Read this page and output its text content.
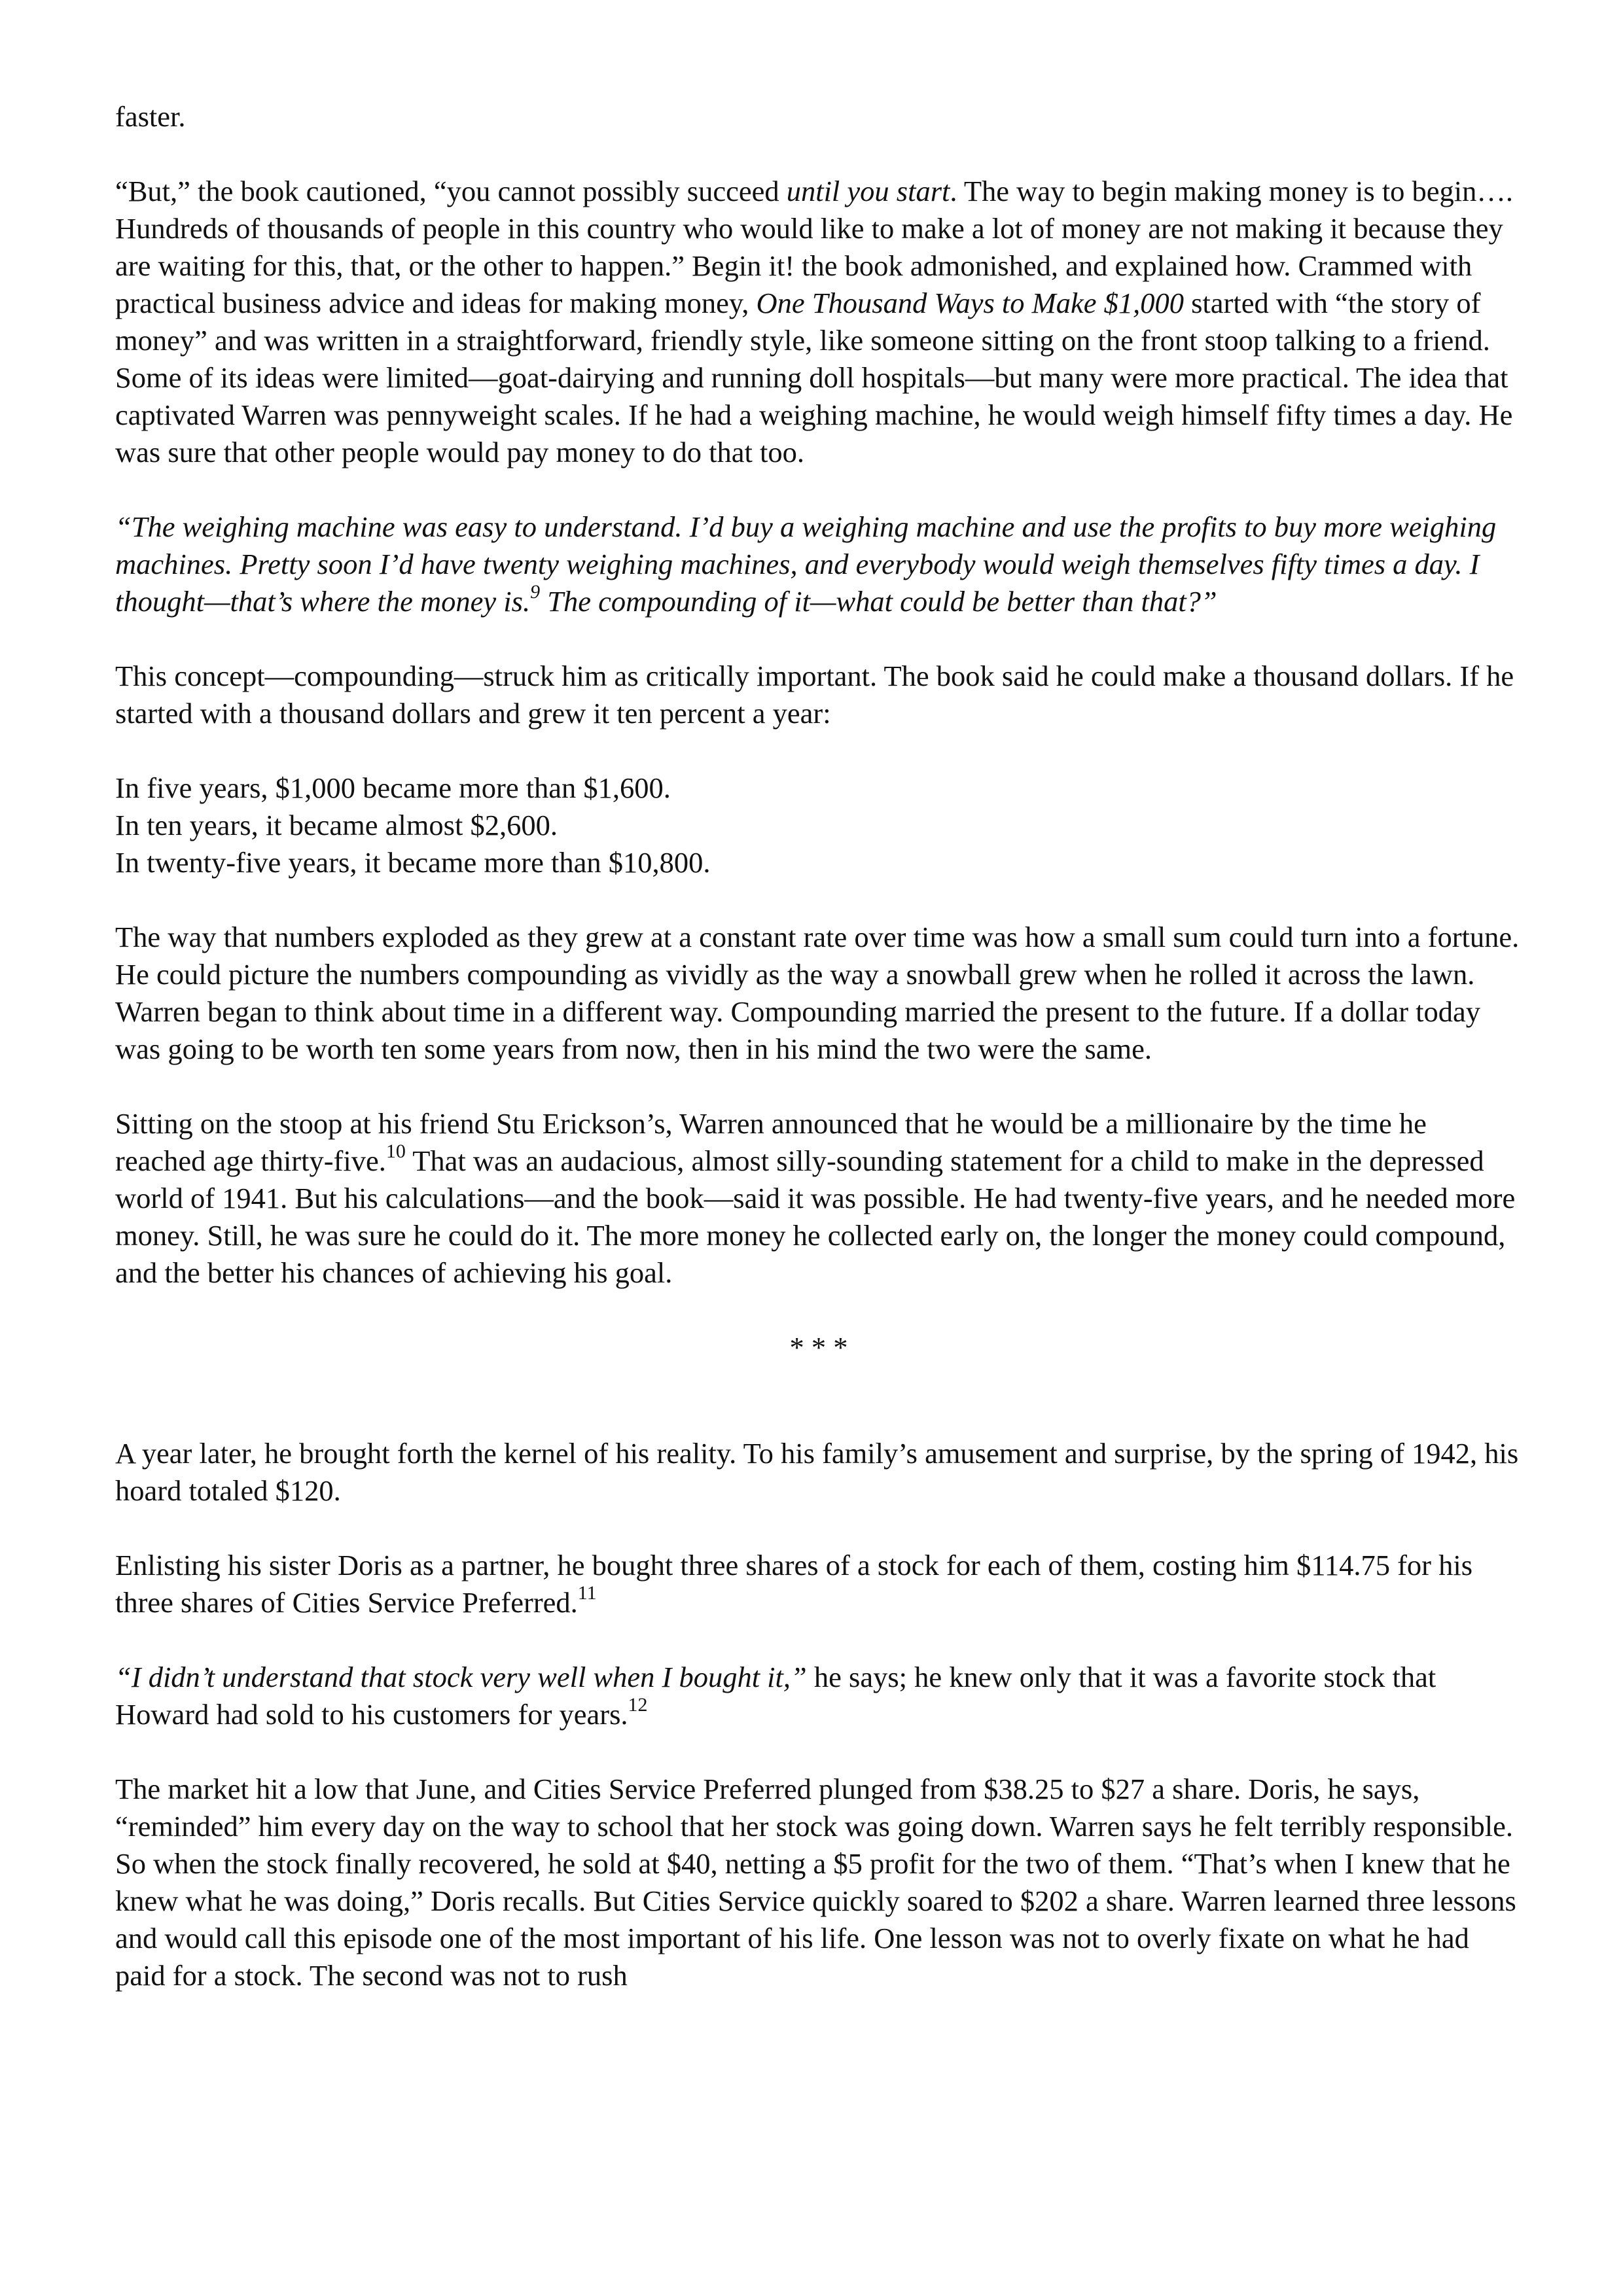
faster.

“But,” the book cautioned, “you cannot possibly succeed until you start. The way to begin making money is to begin…. Hundreds of thousands of people in this country who would like to make a lot of money are not making it because they are waiting for this, that, or the other to happen.” Begin it! the book admonished, and explained how. Crammed with practical business advice and ideas for making money, One Thousand Ways to Make $1,000 started with “the story of money” and was written in a straightforward, friendly style, like someone sitting on the front stoop talking to a friend. Some of its ideas were limited—goat-dairying and running doll hospitals—but many were more practical. The idea that captivated Warren was pennyweight scales. If he had a weighing machine, he would weigh himself fifty times a day. He was sure that other people would pay money to do that too.

“The weighing machine was easy to understand. I’d buy a weighing machine and use the profits to buy more weighing machines. Pretty soon I’d have twenty weighing machines, and everybody would weigh themselves fifty times a day. I thought—that’s where the money is.$^9$ The compounding of it—what could be better than that?”

This concept—compounding—struck him as critically important. The book said he could make a thousand dollars. If he started with a thousand dollars and grew it ten percent a year:

In five years, $1,000 became more than $1,600.
In ten years, it became almost $2,600.
In twenty-five years, it became more than $10,800.

The way that numbers exploded as they grew at a constant rate over time was how a small sum could turn into a fortune. He could picture the numbers compounding as vividly as the way a snowball grew when he rolled it across the lawn. Warren began to think about time in a different way. Compounding married the present to the future. If a dollar today was going to be worth ten some years from now, then in his mind the two were the same.

Sitting on the stoop at his friend Stu Erickson’s, Warren announced that he would be a millionaire by the time he reached age thirty-five.$^{10}$ That was an audacious, almost silly-sounding statement for a child to make in the depressed world of 1941. But his calculations—and the book—said it was possible. He had twenty-five years, and he needed more money. Still, he was sure he could do it. The more money he collected early on, the longer the money could compound, and the better his chances of achieving his goal.

* * *

A year later, he brought forth the kernel of his reality. To his family’s amusement and surprise, by the spring of 1942, his hoard totaled $120.

Enlisting his sister Doris as a partner, he bought three shares of a stock for each of them, costing him $114.75 for his three shares of Cities Service Preferred.$^{11}$

“I didn’t understand that stock very well when I bought it,” he says; he knew only that it was a favorite stock that Howard had sold to his customers for years.$^{12}$

The market hit a low that June, and Cities Service Preferred plunged from $38.25 to $27 a share. Doris, he says, “reminded” him every day on the way to school that her stock was going down. Warren says he felt terribly responsible. So when the stock finally recovered, he sold at $40, netting a $5 profit for the two of them. “That’s when I knew that he knew what he was doing,” Doris recalls. But Cities Service quickly soared to $202 a share. Warren learned three lessons and would call this episode one of the most important of his life. One lesson was not to overly fixate on what he had paid for a stock. The second was not to rush
